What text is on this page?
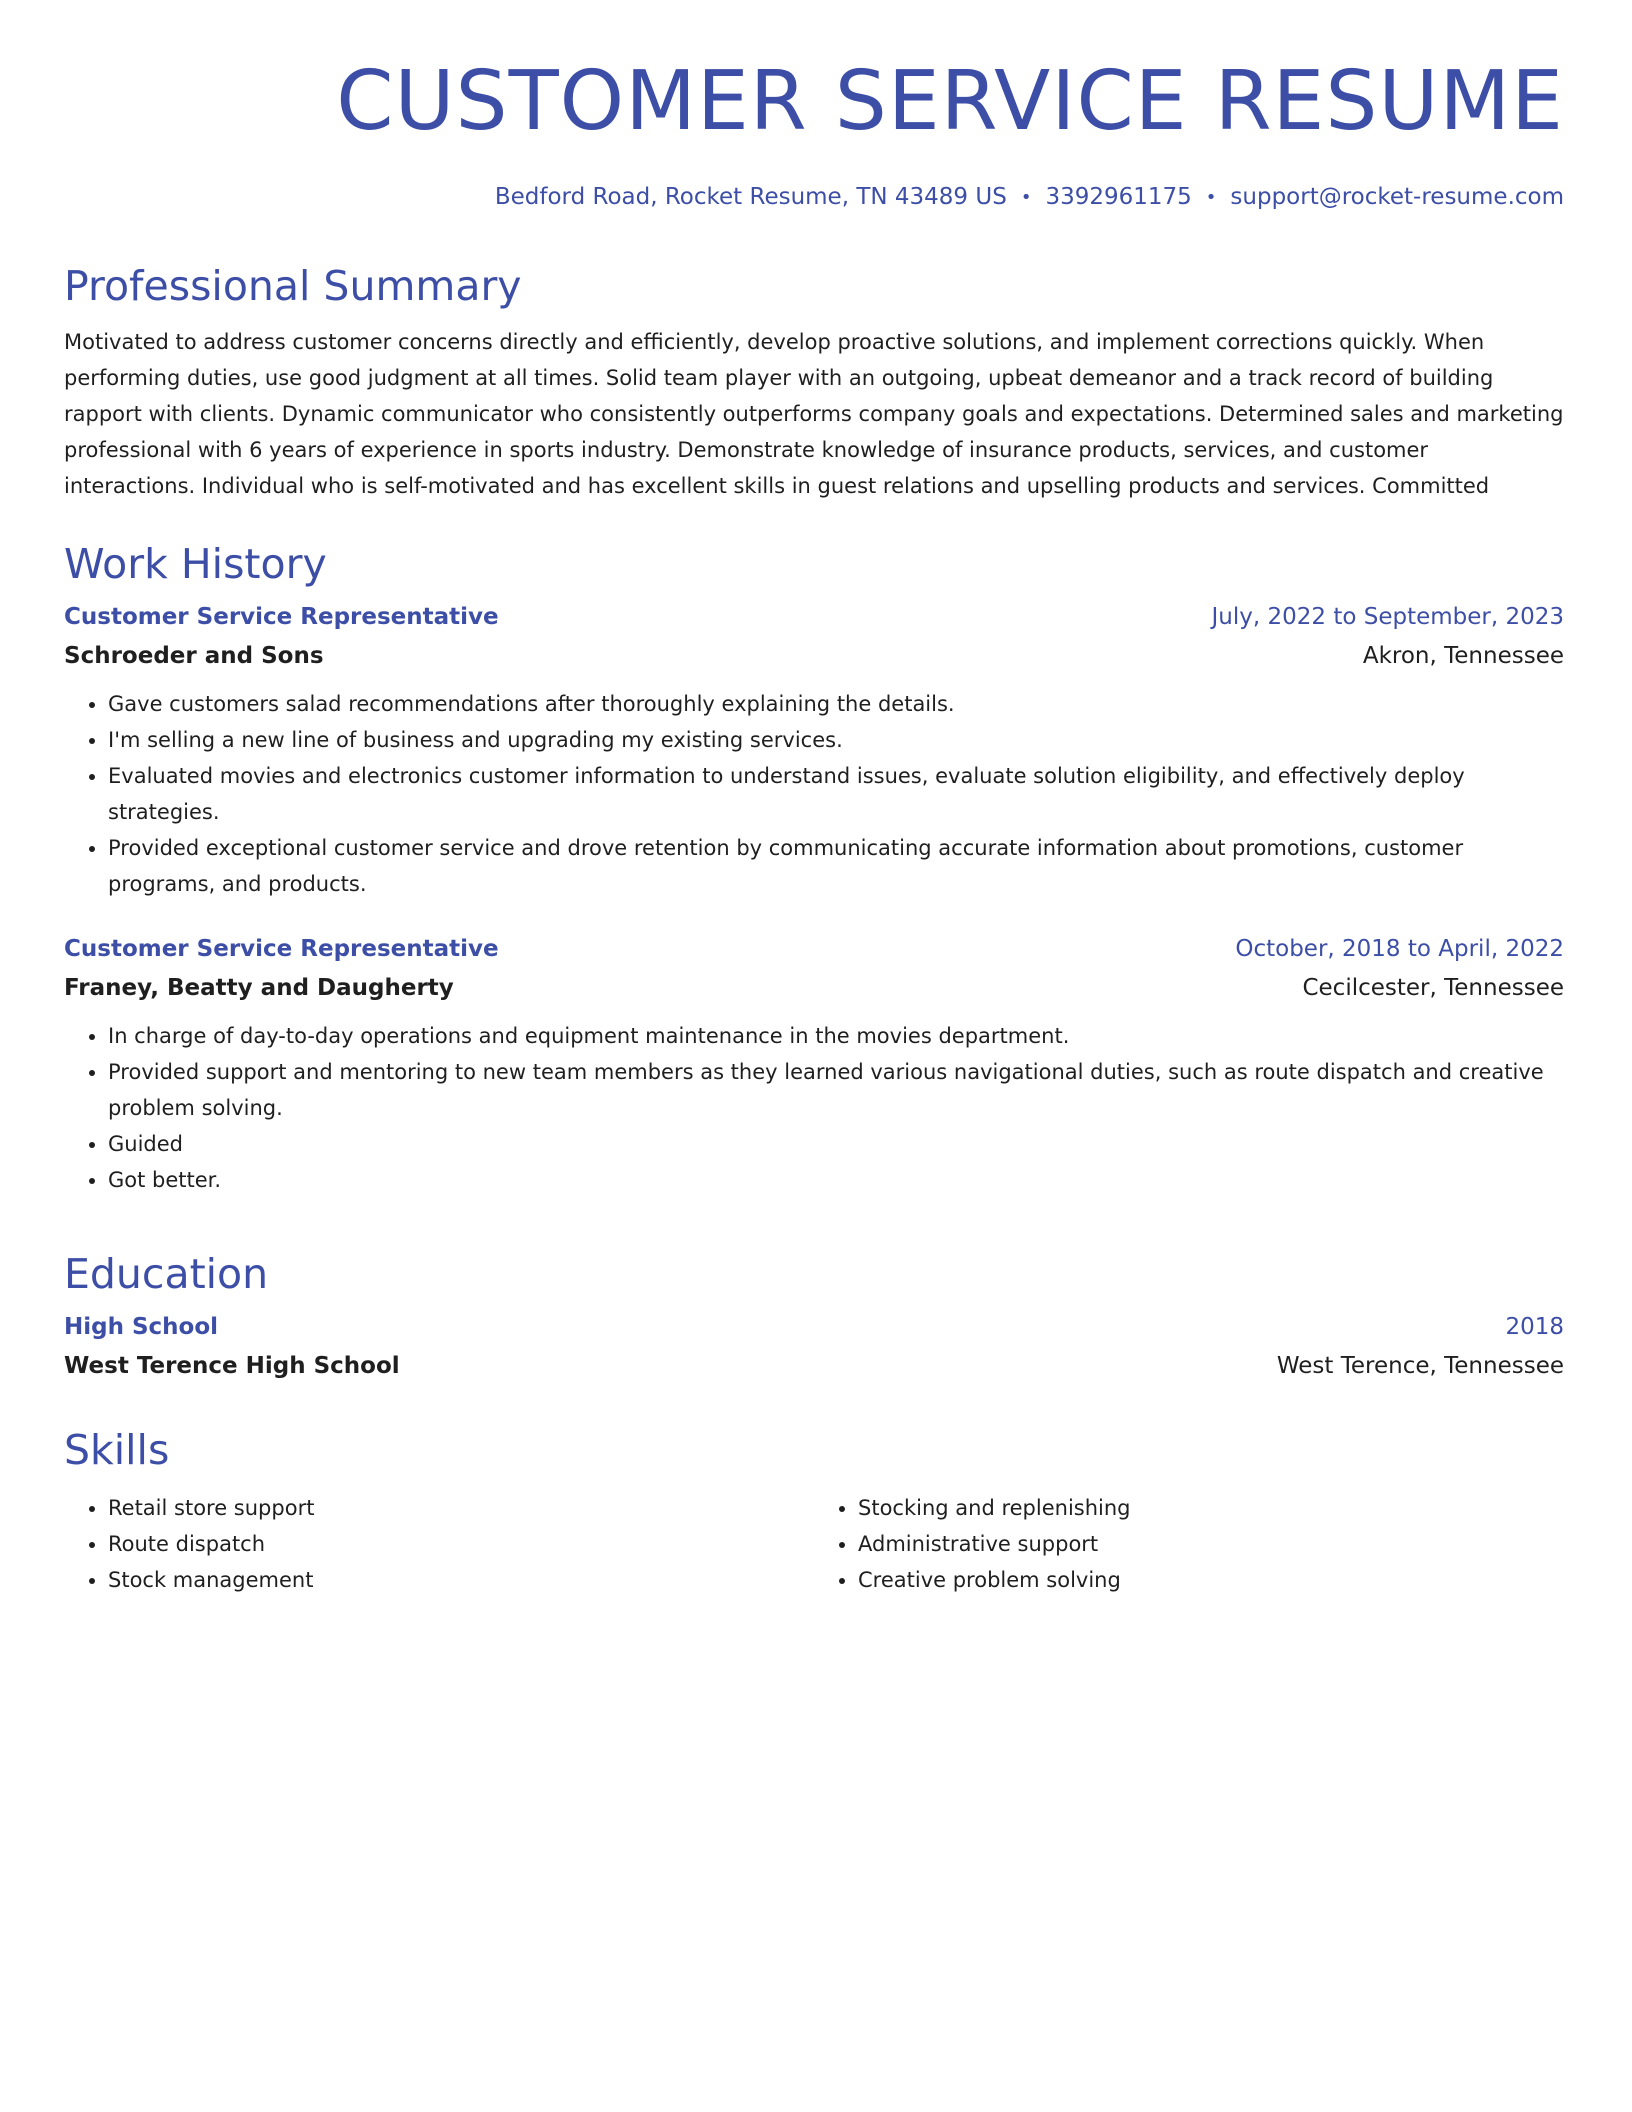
CUSTOMER SERVICE RESUME
Bedford Road, Rocket Resume, TN 43489 US • 3392961175 • support@rocket-resume.com
Professional Summary

Motivated to address customer concerns directly and efficiently, develop proactive solutions, and implement corrections quickly. When performing duties, use good judgment at all times. Solid team player with an outgoing, upbeat demeanor and a track record of building rapport with clients. Dynamic communicator who consistently outperforms company goals and expectations. Determined sales and marketing professional with 6 years of experience in sports industry. Demonstrate knowledge of insurance products, services, and customer interactions. Individual who is self-motivated and has excellent skills in guest relations and upselling products and services. Committed

Work History
Customer Service Representative	July, 2022 to September, 2023
Schroeder and Sons	Akron, Tennessee
• Gave customers salad recommendations after thoroughly explaining the details.
• I'm selling a new line of business and upgrading my existing services.
• Evaluated movies and electronics customer information to understand issues, evaluate solution eligibility, and effectively deploy strategies.
• Provided exceptional customer service and drove retention by communicating accurate information about promotions, customer programs, and products.
Customer Service Representative	October, 2018 to April, 2022
Franey, Beatty and Daugherty	Cecilcester, Tennessee
• In charge of day-to-day operations and equipment maintenance in the movies department.
• Provided support and mentoring to new team members as they learned various navigational duties, such as route dispatch and creative problem solving.
• Guided
• Got better.
Education
High School	2018
West Terence High School	West Terence, Tennessee
Skills
• Retail store support
• Route dispatch
• Stock management
• Stocking and replenishing
• Administrative support
• Creative problem solving
